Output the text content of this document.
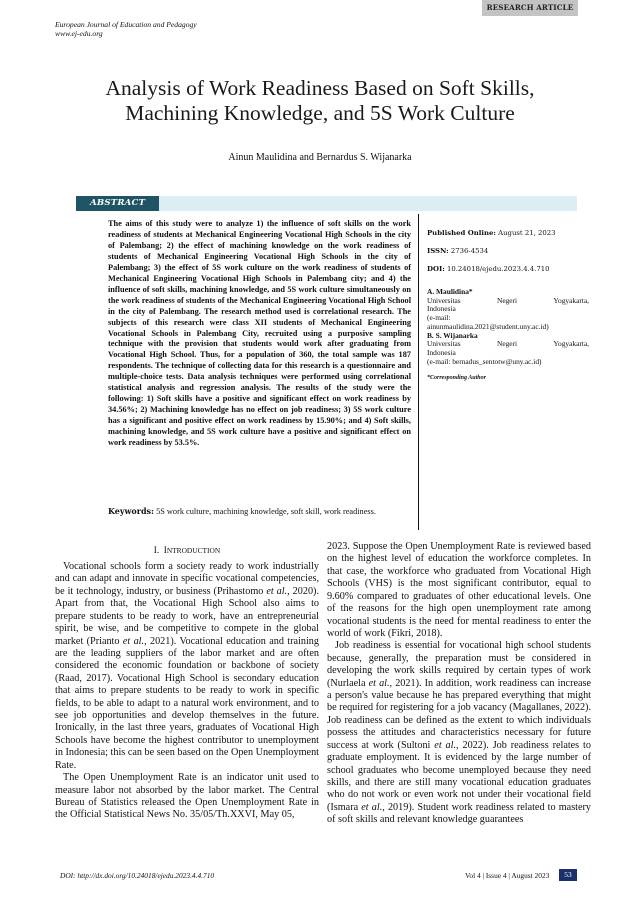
RESEARCH ARTICLE
European Journal of Education and Pedagogy
www.ej-edu.org
Analysis of Work Readiness Based on Soft Skills,
Machining Knowledge, and 5S Work Culture
Ainun Maulidina and Bernardus S. Wijanarka
ABSTRACT
The aims of this study were to analyze 1) the influence of soft skills on the work readiness of students at Mechanical Engineering Vocational High Schools in the city of Palembang; 2) the effect of machining knowledge on the work readiness of students of Mechanical Engineering Vocational High Schools in the city of Palembang; 3) the effect of 5S work culture on the work readiness of students of Mechanical Engineering Vocational High Schools in Palembang city; and 4) the influence of soft skills, machining knowledge, and 5S work culture simultaneously on the work readiness of students of the Mechanical Engineering Vocational High School in the city of Palembang. The research method used is correlational research. The subjects of this research were class XII students of Mechanical Engineering Vocational Schools in Palembang City, recruited using a purposive sampling technique with the provision that students would work after graduating from Vocational High School. Thus, for a population of 360, the total sample was 187 respondents. The technique of collecting data for this research is a questionnaire and multiple-choice tests. Data analysis techniques were performed using correlational statistical analysis and regression analysis. The results of the study were the following: 1) Soft skills have a positive and significant effect on work readiness by 34.56%; 2) Machining knowledge has no effect on job readiness; 3) 5S work culture has a significant and positive effect on work readiness by 15.90%; and 4) Soft skills, machining knowledge, and 5S work culture have a positive and significant effect on work readiness by 53.5%.
Keywords: 5S work culture, machining knowledge, soft skill, work readiness.
Published Online: August 21, 2023
ISSN: 2736-4534
DOI: 10.24018/ejedu.2023.4.4.710
A. Maulidina*
Universitas	Negeri	Yogyakarta,
Indonesia
(e-mail:
ainunmaulidina.2021@student.uny.ac.id)
B. S. Wijanarka
Universitas	Negeri	Yogyakarta,
Indonesia
(e-mail: bernadus_sentotw@uny.ac.id)
*Corresponding Author
I. INTRODUCTION

Vocational schools form a society ready to work industrially and can adapt and innovate in specific vocational competencies, be it technology, industry, or business (Prihastomo et al., 2020). Apart from that, the Vocational High School also aims to prepare students to be ready to work, have an entrepreneurial spirit, be wise, and be competitive to compete in the global market (Prianto et al., 2021). Vocational education and training are the leading suppliers of the labor market and are often considered the economic foundation or backbone of society (Raad, 2017). Vocational High School is secondary education that aims to prepare students to be ready to work in specific fields, to be able to adapt to a natural work environment, and to see job opportunities and develop themselves in the future. Ironically, in the last three years, graduates of Vocational High Schools have become the highest contributor to unemployment in Indonesia; this can be seen based on the Open Unemployment Rate.

The Open Unemployment Rate is an indicator unit used to measure labor not absorbed by the labor market. The Central Bureau of Statistics released the Open Unemployment Rate in the Official Statistical News No. 35/05/Th.XXVI, May 05,

2023. Suppose the Open Unemployment Rate is reviewed based on the highest level of education the workforce completes. In that case, the workforce who graduated from Vocational High Schools (VHS) is the most significant contributor, equal to 9.60% compared to graduates of other educational levels. One of the reasons for the high open unemployment rate among vocational students is the need for mental readiness to enter the world of work (Fikri, 2018).

Job readiness is essential for vocational high school students because, generally, the preparation must be considered in developing the work skills required by certain types of work (Nurlaela et al., 2021). In addition, work readiness can increase a person's value because he has prepared everything that might be required for registering for a job vacancy (Magallanes, 2022). Job readiness can be defined as the extent to which individuals possess the attitudes and characteristics necessary for future success at work (Sultoni et al., 2022). Job readiness relates to graduate employment. It is evidenced by the large number of school graduates who become unemployed because they need skills, and there are still many vocational education graduates who do not work or even work not under their vocational field (Ismara et al., 2019). Student work readiness related to mastery of soft skills and relevant knowledge guarantees

DOI: http://dx.doi.org/10.24018/ejedu.2023.4.4.710	Vol 4 | Issue 4 | August 2023	53
